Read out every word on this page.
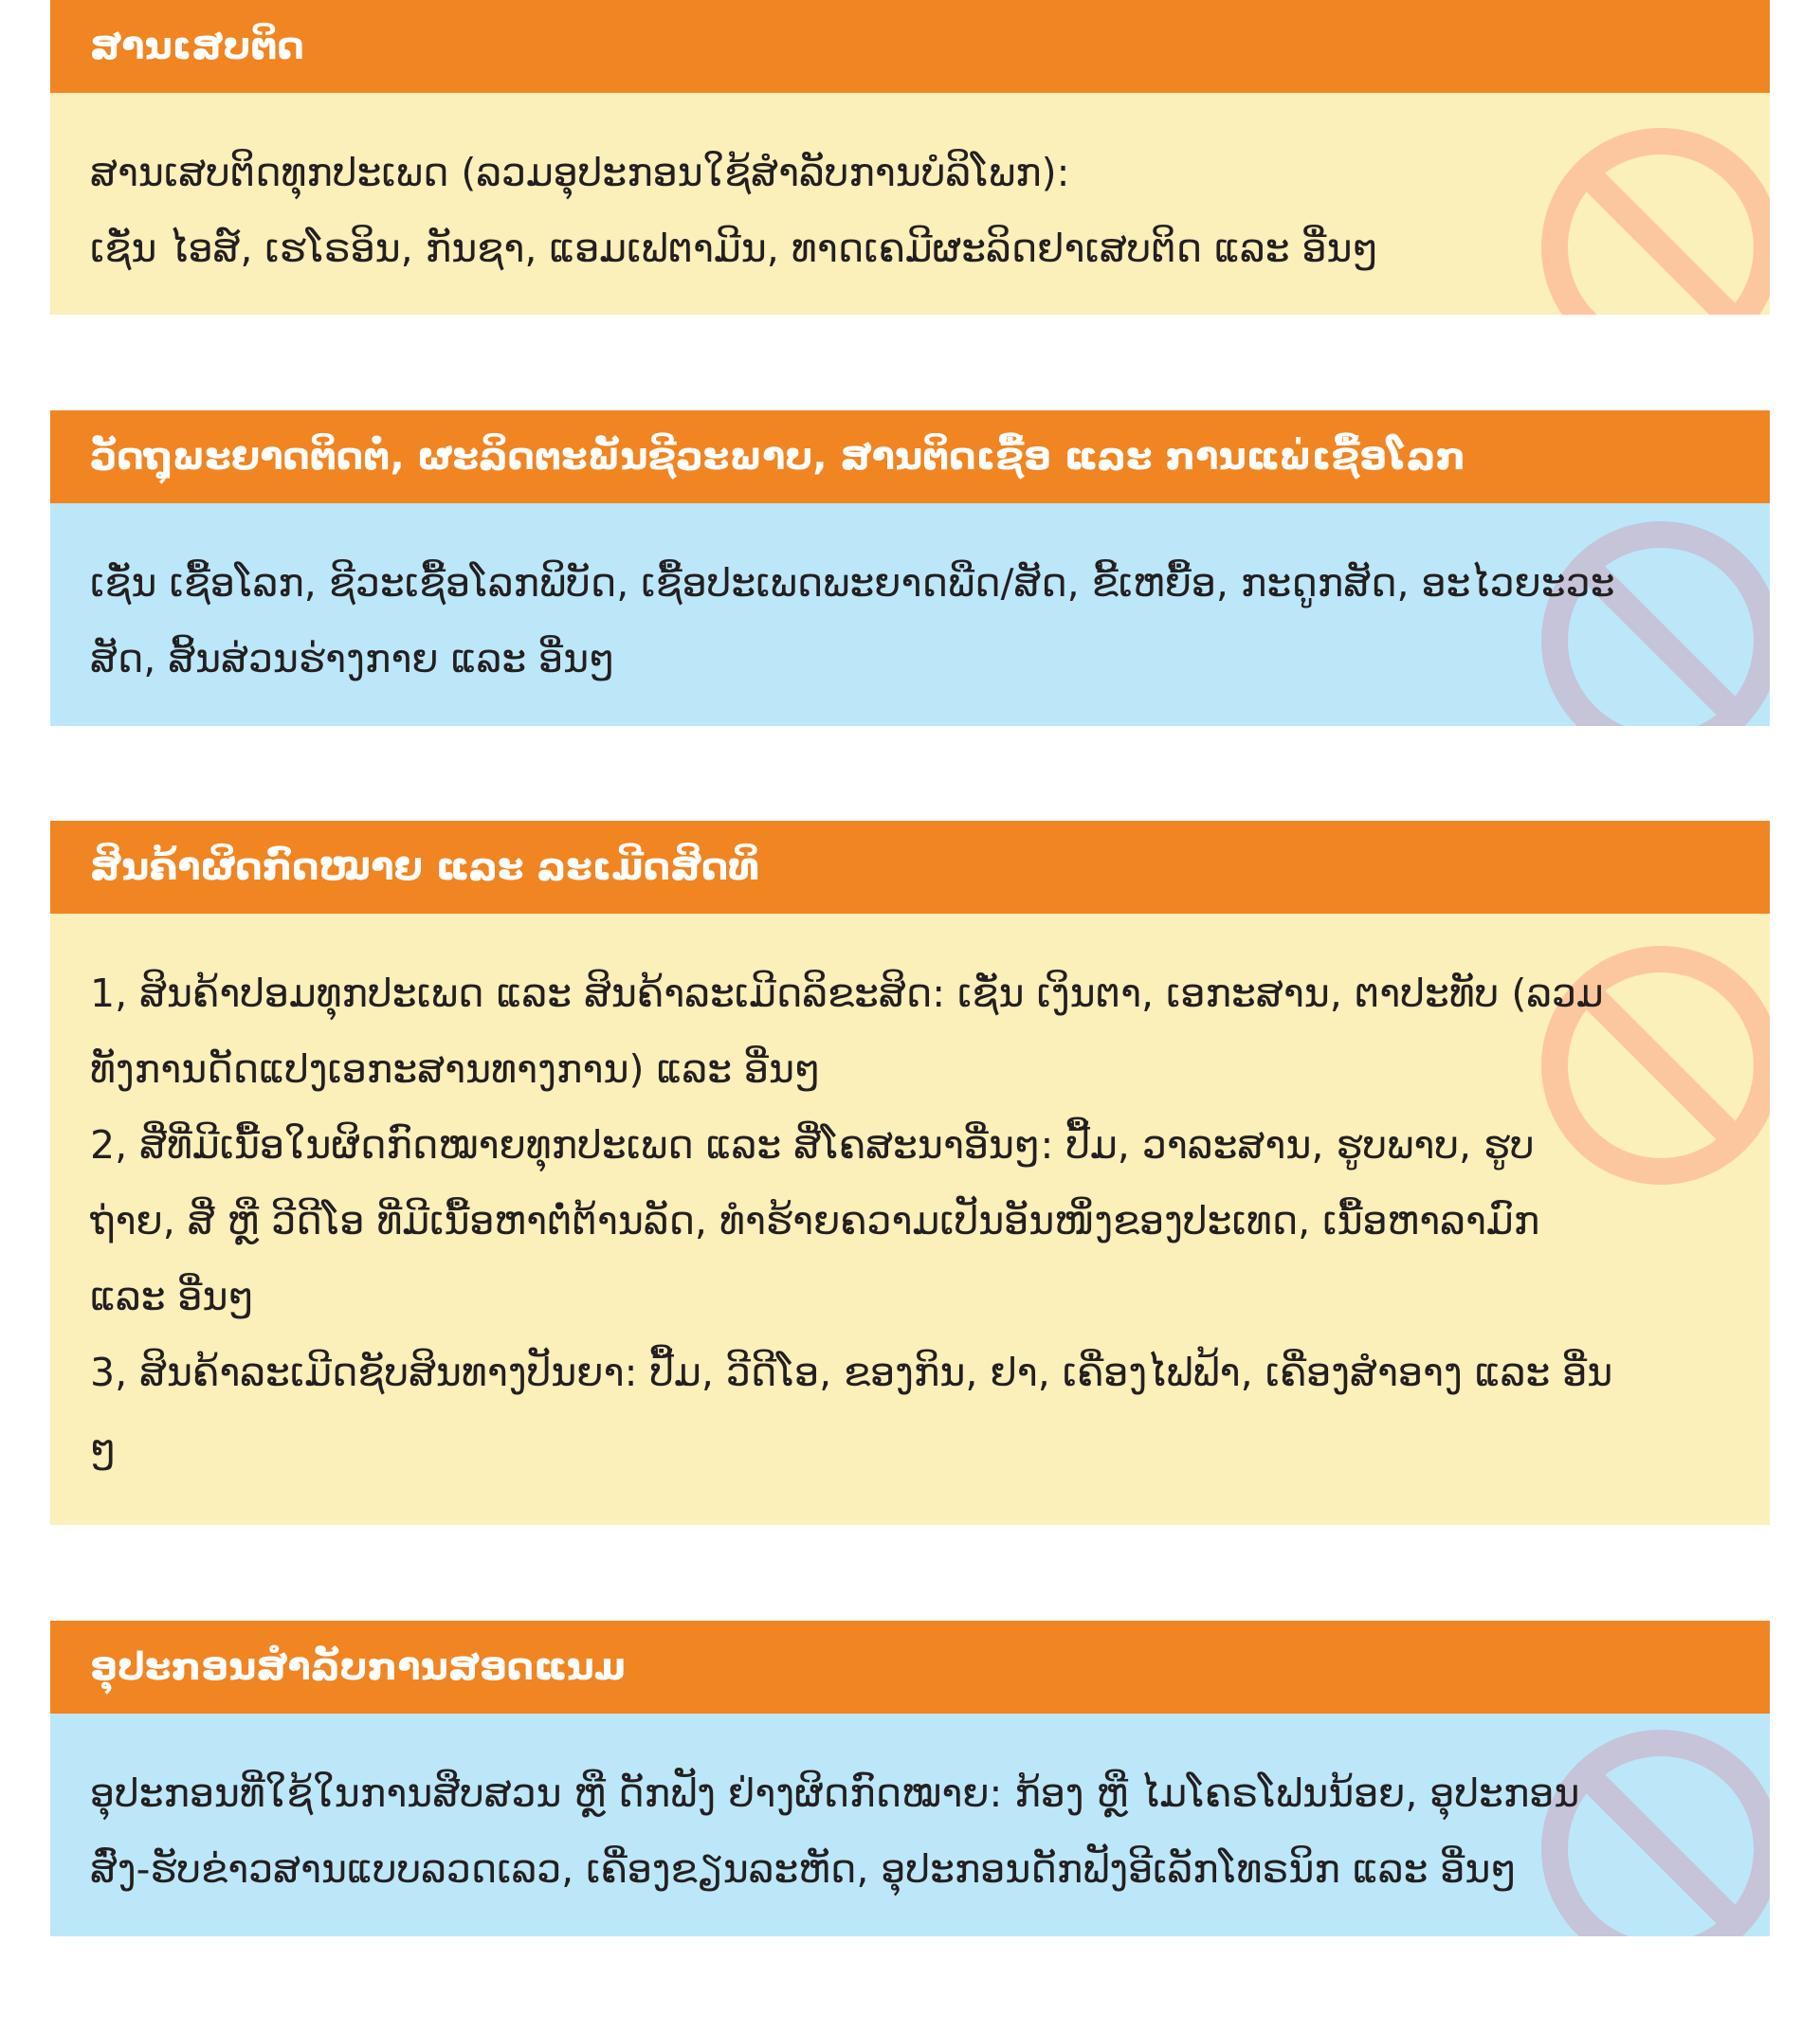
ສານເສບຕິດ

ສານເສບຕິດທຸກປະເພດ (ລວມອຸປະກອນໃຊ້ສຳລັບການບໍລິໂພກ):

ເຊັ່ນ ໄອສ໌, ເຮໂຣອິນ, ກັນຊາ, ແອມເຟຕາມີນ, ທາດເຄມີຜະລິດຢາເສບຕິດ ແລະ ອື່ນໆ

ວັດຖຸພະຍາດຕິດຕໍ່, ຜະລິດຕະພັນຊີວະພາບ, ສານຕິດເຊື້ອ ແລະ ການແພ່ເຊື້ອໂລກ

ເຊັ່ນ ເຊື້ອໂລກ, ຊີວະເຊື້ອໂລກພິບັດ, ເຊື້ອປະເພດພະຍາດພືດ/ສັດ, ຂີ້ເຫຍື້ອ, ກະດູກສັດ, ອະໄວຍະວະ

ສັດ, ສິ້ນສ່ວນຮ່າງກາຍ ແລະ ອື່ນໆ

ສິນຄ້າຜິດກົດໝາຍ ແລະ ລະເມີດສິດທິ

1, ສິນຄ້າປອມທຸກປະເພດ ແລະ ສິນຄ້າລະເມີດລິຂະສິດ: ເຊັ່ນ ເງິນຕາ, ເອກະສານ, ຕາປະທັບ (ລວມ

ທັງການດັດແປງເອກະສານທາງການ) ແລະ ອື່ນໆ

2, ສື່ທີ່ມີເນື້ອໃນຜິດກົດໝາຍທຸກປະເພດ ແລະ ສື່ໂຄສະນາອື່ນໆ: ປື້ມ, ວາລະສານ, ຮູບພາບ, ຮູບ

ຖ່າຍ, ສື່ ຫຼື ວີດີໂອ ທີ່ມີເນື້ອຫາຕໍ່ຕ້ານລັດ, ທຳຮ້າຍຄວາມເປັນອັນໜຶ່ງຂອງປະເທດ, ເນື້ອຫາລາມົກ

ແລະ ອື່ນໆ

3, ສິນຄ້າລະເມີດຊັບສິນທາງປັນຍາ: ປື້ມ, ວີດີໂອ, ຂອງກິນ, ຢາ, ເຄື່ອງໄຟຟ້າ, ເຄື່ອງສຳອາງ ແລະ ອື່ນ

ໆ

ອຸປະກອນສຳລັບການສອດແນມ

ອຸປະກອນທີ່ໃຊ້ໃນການສືບສວນ ຫຼື ດັກຟັງ ຢ່າງຜິດກົດໝາຍ: ກ້ອງ ຫຼື ໄມໂຄຣໂຟນນ້ອຍ, ອຸປະກອນ

ສົ່ງ-ຮັບຂ່າວສານແບບລວດເລວ, ເຄື່ອງຂຽນລະຫັດ, ອຸປະກອນດັກຟັງອີເລັກໂທຣນິກ ແລະ ອື່ນໆ
